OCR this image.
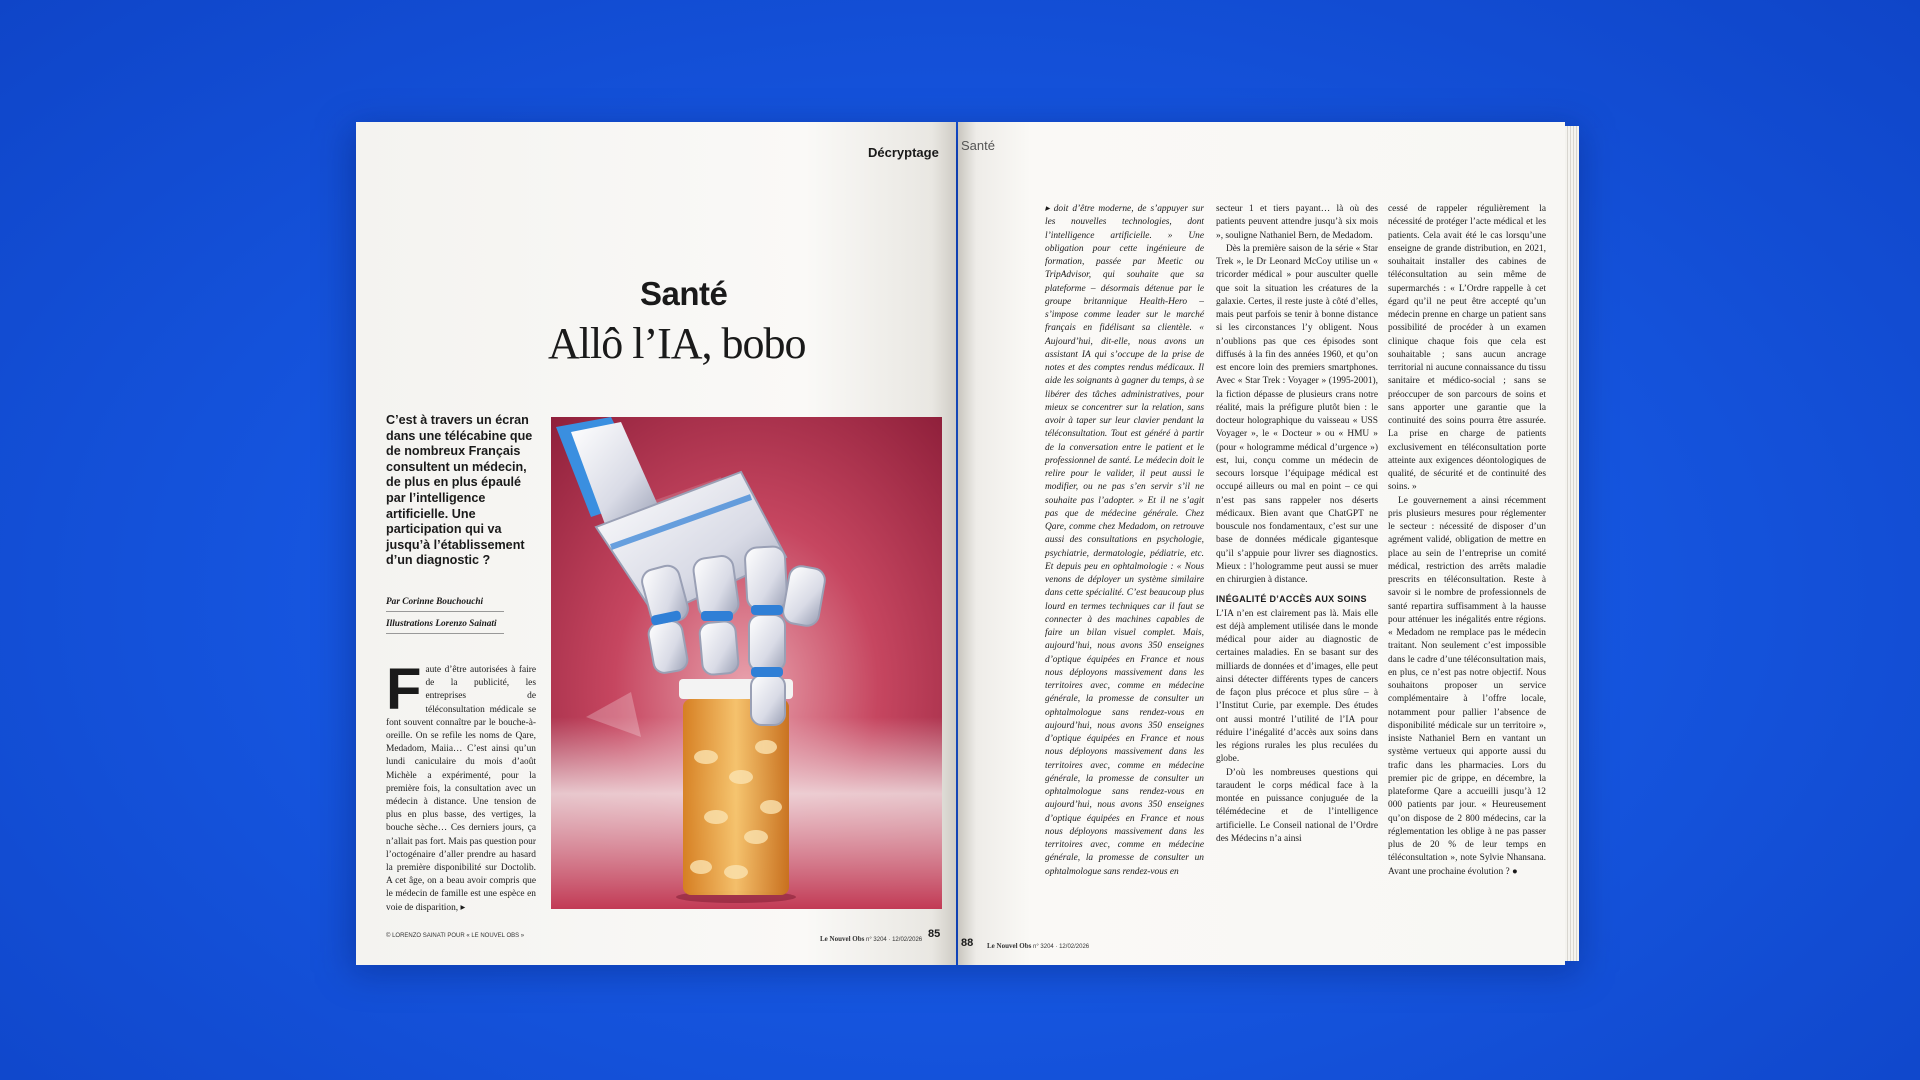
Décryptage Santé
Santé
Allô l’IA, bobo
C’est à travers un écran dans une télécabine que de nombreux Français consultent un médecin, de plus en plus épaulé par l’intelligence artificielle. Une participation qui va jusqu’à l’établissement d’un diagnostic ?
Par Corinne Bouchouchi
Illustrations Lorenzo Sainati
F aute d’être autorisées à faire de la publicité, les entreprises de téléconsultation médicale se font souvent connaître par le bouche-à-oreille. On se refile les noms de Qare, Medadom, Maiia… C’est ainsi qu’un lundi caniculaire du mois d’août Michèle a expérimenté, pour la première fois, la consultation avec un médecin à distance. Une tension de plus en plus basse, des vertiges, la bouche sèche… Ces derniers jours, ça n’allait pas fort. Mais pas question pour l’octogénaire d’aller prendre au hasard la première disponibilité sur Doctolib. A cet âge, on a beau avoir compris que le médecin de famille est une espèce en voie de disparition, ▸

▸ doit d’être moderne, de s’appuyer sur les nouvelles technologies, dont l’intelligence artificielle. » Une obligation pour cette ingénieure de formation, passée par Meetic ou TripAdvisor, qui souhaite que sa plateforme – désormais détenue par le groupe britannique Health-Hero – s’impose comme leader sur le marché français en fidélisant sa clientèle. « Aujourd’hui, dit-elle, nous avons un assistant IA qui s’occupe de la prise de notes et des comptes rendus médicaux. Il aide les soignants à gagner du temps, à se libérer des tâches administratives, pour mieux se concentrer sur la relation, sans avoir à taper sur leur clavier pendant la téléconsultation. Tout est généré à partir de la conversation entre le patient et le professionnel de santé. Le médecin doit le relire pour le valider, il peut aussi le modifier, ou ne pas s’en servir s’il ne souhaite pas l’adopter. » Et il ne s’agit pas que de médecine générale. Chez Qare, comme chez Medadom, on retrouve aussi des consultations en psychologie, psychiatrie, dermatologie, pédiatrie, etc. Et depuis peu en ophtalmologie : « Nous venons de déployer un système similaire dans cette spécialité. C’est beaucoup plus lourd en termes techniques car il faut se connecter à des machines capables de faire un bilan visuel complet. Mais, aujourd’hui, nous avons 350 enseignes d’optique équipées en France et nous nous déployons massivement dans les territoires avec, comme en médecine générale, la promesse de consulter un ophtalmologue sans rendez-vous en aujourd’hui, nous avons 350 enseignes d’optique équipées en France et nous nous déployons massivement dans les territoires avec, comme en médecine générale, la promesse de consulter un ophtalmologue sans rendez-vous en aujourd’hui, nous avons 350 enseignes d’optique équipées en France et nous nous déployons massivement dans les territoires avec, comme en médecine générale, la promesse de consulter un ophtalmologue sans rendez-vous en

secteur 1 et tiers payant… là où des patients peuvent attendre jusqu’à six mois », souligne Nathaniel Bern, de Medadom.

Dès la première saison de la série « Star Trek », le Dr Leonard McCoy utilise un « tricorder médical » pour ausculter quelle que soit la situation les créatures de la galaxie. Certes, il reste juste à côté d’elles, mais peut parfois se tenir à bonne distance si les circonstances l’y obligent. Nous n’oublions pas que ces épisodes sont diffusés à la fin des années 1960, et qu’on est encore loin des premiers smartphones. Avec « Star Trek : Voyager » (1995-2001), la fiction dépasse de plusieurs crans notre réalité, mais la préfigure plutôt bien : le docteur holographique du vaisseau « USS Voyager », le « Docteur » ou « HMU » (pour « hologramme médical d’urgence ») est, lui, conçu comme un médecin de secours lorsque l’équipage médical est occupé ailleurs ou mal en point – ce qui n’est pas sans rappeler nos déserts médicaux. Bien avant que ChatGPT ne bouscule nos fondamentaux, c’est sur une base de données médicale gigantesque qu’il s’appuie pour livrer ses diagnostics. Mieux : l’hologramme peut aussi se muer en chirurgien à distance.

INÉGALITÉ D’ACCÈS AUX SOINS

L’IA n’en est clairement pas là. Mais elle est déjà amplement utilisée dans le monde médical pour aider au diagnostic de certaines maladies. En se basant sur des milliards de données et d’images, elle peut ainsi détecter différents types de cancers de façon plus précoce et plus sûre – à l’Institut Curie, par exemple. Des études ont aussi montré l’utilité de l’IA pour réduire l’inégalité d’accès aux soins dans les régions rurales les plus reculées du globe.

D’où les nombreuses questions qui taraudent le corps médical face à la montée en puissance conjuguée de la télémédecine et de l’intelligence artificielle. Le Conseil national de l’Ordre des Médecins n’a ainsi

cessé de rappeler régulièrement la nécessité de protéger l’acte médical et les patients. Cela avait été le cas lorsqu’une enseigne de grande distribution, en 2021, souhaitait installer des cabines de téléconsultation au sein même de supermarchés : « L’Ordre rappelle à cet égard qu’il ne peut être accepté qu’un médecin prenne en charge un patient sans possibilité de procéder à un examen clinique chaque fois que cela est souhaitable ; sans aucun ancrage territorial ni aucune connaissance du tissu sanitaire et médico-social ; sans se préoccuper de son parcours de soins et sans apporter une garantie que la continuité des soins pourra être assurée. La prise en charge de patients exclusivement en téléconsultation porte atteinte aux exigences déontologiques de qualité, de sécurité et de continuité des soins. »

Le gouvernement a ainsi récemment pris plusieurs mesures pour réglementer le secteur : nécessité de disposer d’un agrément validé, obligation de mettre en place au sein de l’entreprise un comité médical, restriction des arrêts maladie prescrits en téléconsultation. Reste à savoir si le nombre de professionnels de santé repartira suffisamment à la hausse pour atténuer les inégalités entre régions. « Medadom ne remplace pas le médecin traitant. Non seulement c’est impossible dans le cadre d’une téléconsultation mais, en plus, ce n’est pas notre objectif. Nous souhaitons proposer un service complémentaire à l’offre locale, notamment pour pallier l’absence de disponibilité médicale sur un territoire », insiste Nathaniel Bern en vantant un système vertueux qui apporte aussi du trafic dans les pharmacies. Lors du premier pic de grippe, en décembre, la plateforme Qare a accueilli jusqu’à 12 000 patients par jour. « Heureusement qu’on dispose de 2 800 médecins, car la réglementation les oblige à ne pas passer plus de 20 % de leur temps en téléconsultation », note Sylvie Nhansana. Avant une prochaine évolution ? ●

© LORENZO SAINATI POUR « LE NOUVEL OBS »	Le Nouvel Obs n° 3204 · 12/02/2026 85
88 Le Nouvel Obs n° 3204 · 12/02/2026
